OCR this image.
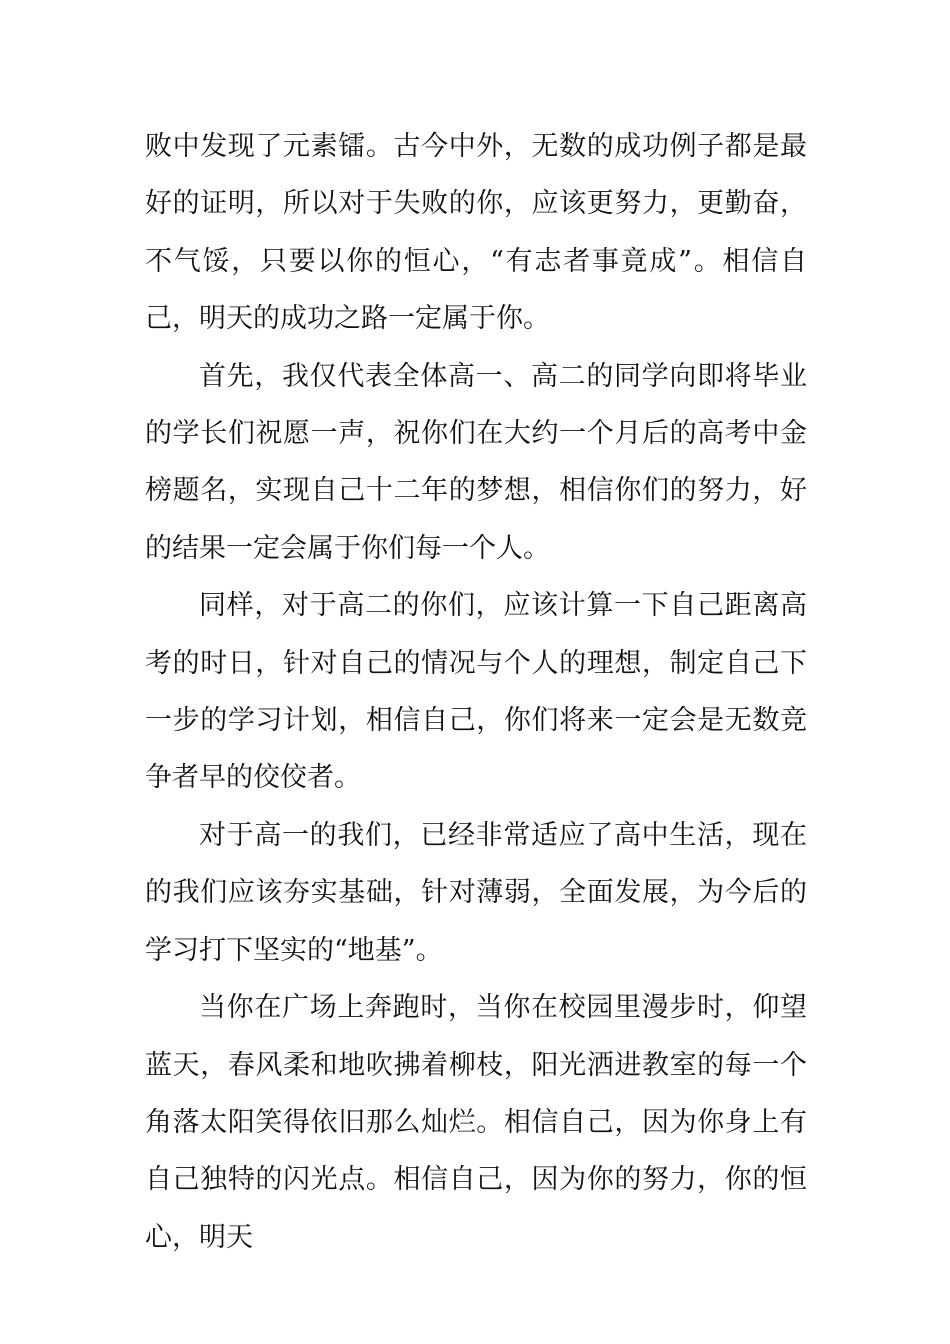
败中发现了元素镭。古今中外，无数的成功例子都是最好的证明，所以对于失败的你，应该更努力，更勤奋，不气馁，只要以你的恒心，“有志者事竟成”。相信自己，明天的成功之路一定属于你。

首先，我仅代表全体高一、高二的同学向即将毕业的学长们祝愿一声，祝你们在大约一个月后的高考中金榜题名，实现自己十二年的梦想，相信你们的努力，好的结果一定会属于你们每一个人。

同样，对于高二的你们，应该计算一下自己距离高考的时日，针对自己的情况与个人的理想，制定自己下一步的学习计划，相信自己，你们将来一定会是无数竞争者早的佼佼者。

对于高一的我们，已经非常适应了高中生活，现在的我们应该夯实基础，针对薄弱，全面发展，为今后的学习打下坚实的“地基”。

当你在广场上奔跑时，当你在校园里漫步时，仰望蓝天，春风柔和地吹拂着柳枝，阳光洒进教室的每一个角落太阳笑得依旧那么灿烂。相信自己，因为你身上有自己独特的闪光点。相信自己，因为你的努力，你的恒心，明天
